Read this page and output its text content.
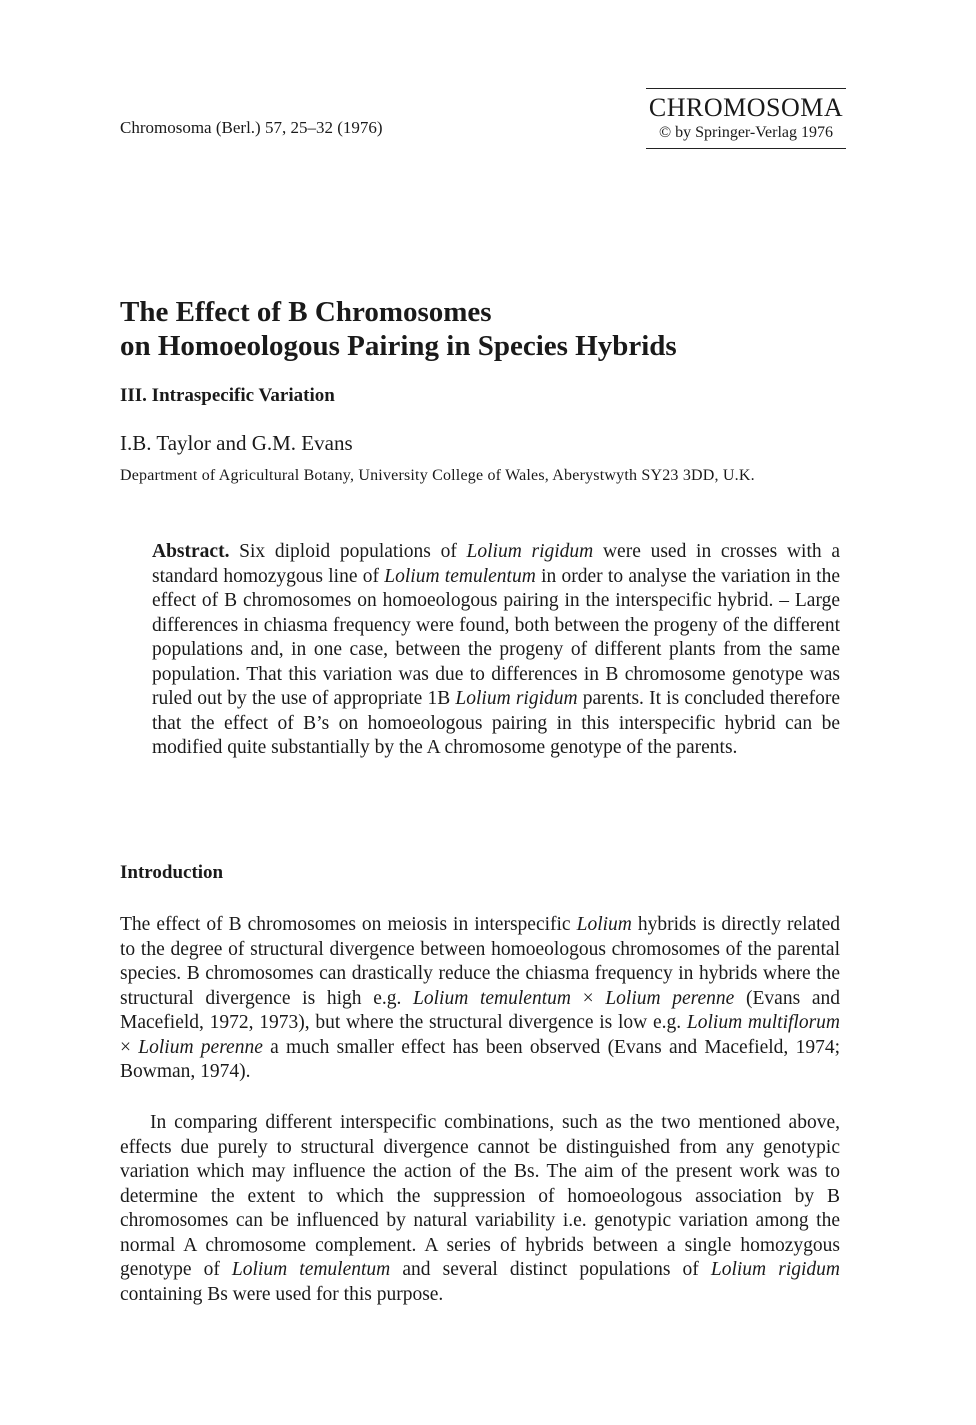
Chromosoma (Berl.) 57, 25–32 (1976)
CHROMOSOMA
© by Springer-Verlag 1976
The Effect of B Chromosomes
on Homoeologous Pairing in Species Hybrids
III. Intraspecific Variation
I.B. Taylor and G.M. Evans
Department of Agricultural Botany, University College of Wales, Aberystwyth SY23 3DD, U.K.
Abstract. Six diploid populations of Lolium rigidum were used in crosses with a standard homozygous line of Lolium temulentum in order to analyse the variation in the effect of B chromosomes on homoeologous pairing in the interspecific hybrid. – Large differences in chiasma frequency were found, both between the progeny of the different populations and, in one case, between the progeny of different plants from the same population. That this variation was due to differences in B chromosome genotype was ruled out by the use of appropriate 1B Lolium rigidum parents. It is concluded therefore that the effect of B’s on homoeologous pairing in this interspecific hybrid can be modified quite substantially by the A chromosome genotype of the parents.
Introduction
The effect of B chromosomes on meiosis in interspecific Lolium hybrids is directly related to the degree of structural divergence between homoeologous chromosomes of the parental species. B chromosomes can drastically reduce the chiasma frequency in hybrids where the structural divergence is high e.g. Lolium temulentum × Lolium perenne (Evans and Macefield, 1972, 1973), but where the structural divergence is low e.g. Lolium multiflorum × Lolium perenne a much smaller effect has been observed (Evans and Macefield, 1974; Bowman, 1974).
In comparing different interspecific combinations, such as the two mentioned above, effects due purely to structural divergence cannot be distinguished from any genotypic variation which may influence the action of the Bs. The aim of the present work was to determine the extent to which the suppression of homoeologous association by B chromosomes can be influenced by natural variability i.e. genotypic variation among the normal A chromosome complement. A series of hybrids between a single homozygous genotype of Lolium temulentum and several distinct populations of Lolium rigidum containing Bs were used for this purpose.
